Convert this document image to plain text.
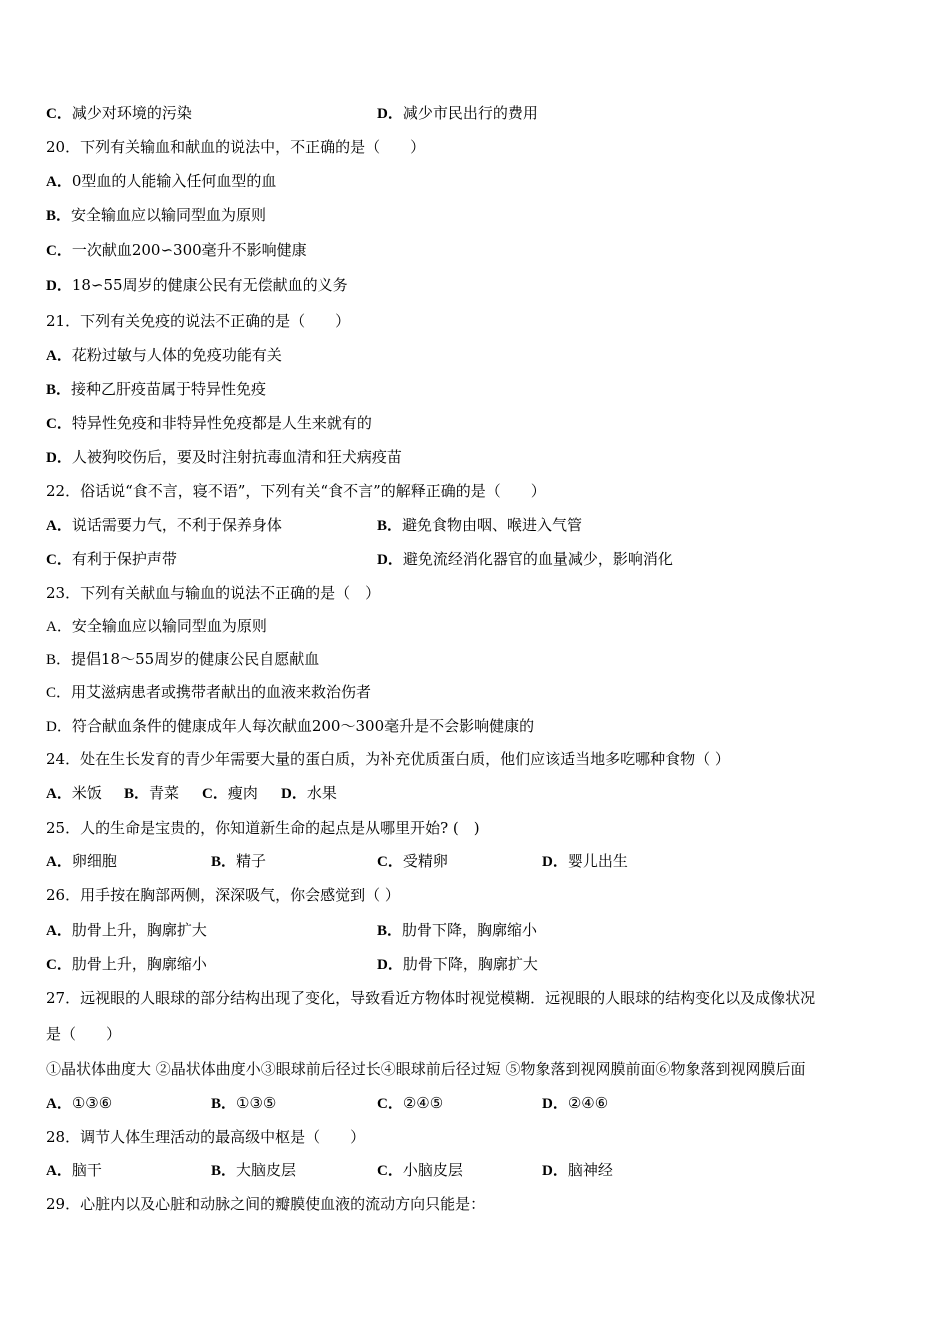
C．减少对环境的污染	D．减少市民出行的费用
20．下列有关输血和献血的说法中，不正确的是（　　）
A．0型血的人能输入任何血型的血
B．安全输血应以输同型血为原则
C．一次献血200∽300毫升不影响健康
D．18∽55周岁的健康公民有无偿献血的义务
21．下列有关免疫的说法不正确的是（　　）
A．花粉过敏与人体的免疫功能有关
B．接种乙肝疫苗属于特异性免疫
C．特异性免疫和非特异性免疫都是人生来就有的
D．人被狗咬伤后，要及时注射抗毒血清和狂犬病疫苗
22．俗话说“食不言，寝不语”，下列有关“食不言”的解释正确的是（　　）
A．说话需要力气，不利于保养身体	B．避免食物由咽、喉进入气管
C．有利于保护声带	D．避免流经消化器官的血量减少，影响消化
23．下列有关献血与输血的说法不正确的是（　）
A．安全输血应以输同型血为原则
B．提倡18～55周岁的健康公民自愿献血
C．用艾滋病患者或携带者献出的血液来救治伤者
D．符合献血条件的健康成年人每次献血200～300毫升是不会影响健康的
24．处在生长发育的青少年需要大量的蛋白质，为补充优质蛋白质，他们应该适当地多吃哪种食物（ ）
A．米饭 B．青菜 C．瘦肉 D．水果
25．人的生命是宝贵的，你知道新生命的起点是从哪里开始? (　)
A．卵细胞	B．精子	C．受精卵	D．婴儿出生
26．用手按在胸部两侧，深深吸气，你会感觉到（ ）
A．肋骨上升，胸廓扩大	B．肋骨下降，胸廓缩小
C．肋骨上升，胸廓缩小	D．肋骨下降，胸廓扩大
27．远视眼的人眼球的部分结构出现了变化，导致看近方物体时视觉模糊．远视眼的人眼球的结构变化以及成像状况
是（　　）
①晶状体曲度大 ②晶状体曲度小③眼球前后径过长④眼球前后径过短 ⑤物象落到视网膜前面⑥物象落到视网膜后面
A．①③⑥	B．①③⑤	C．②④⑤	D．②④⑥
28．调节人体生理活动的最高级中枢是（　　）
A．脑干	B．大脑皮层	C．小脑皮层	D．脑神经
29．心脏内以及心脏和动脉之间的瓣膜使血液的流动方向只能是：
